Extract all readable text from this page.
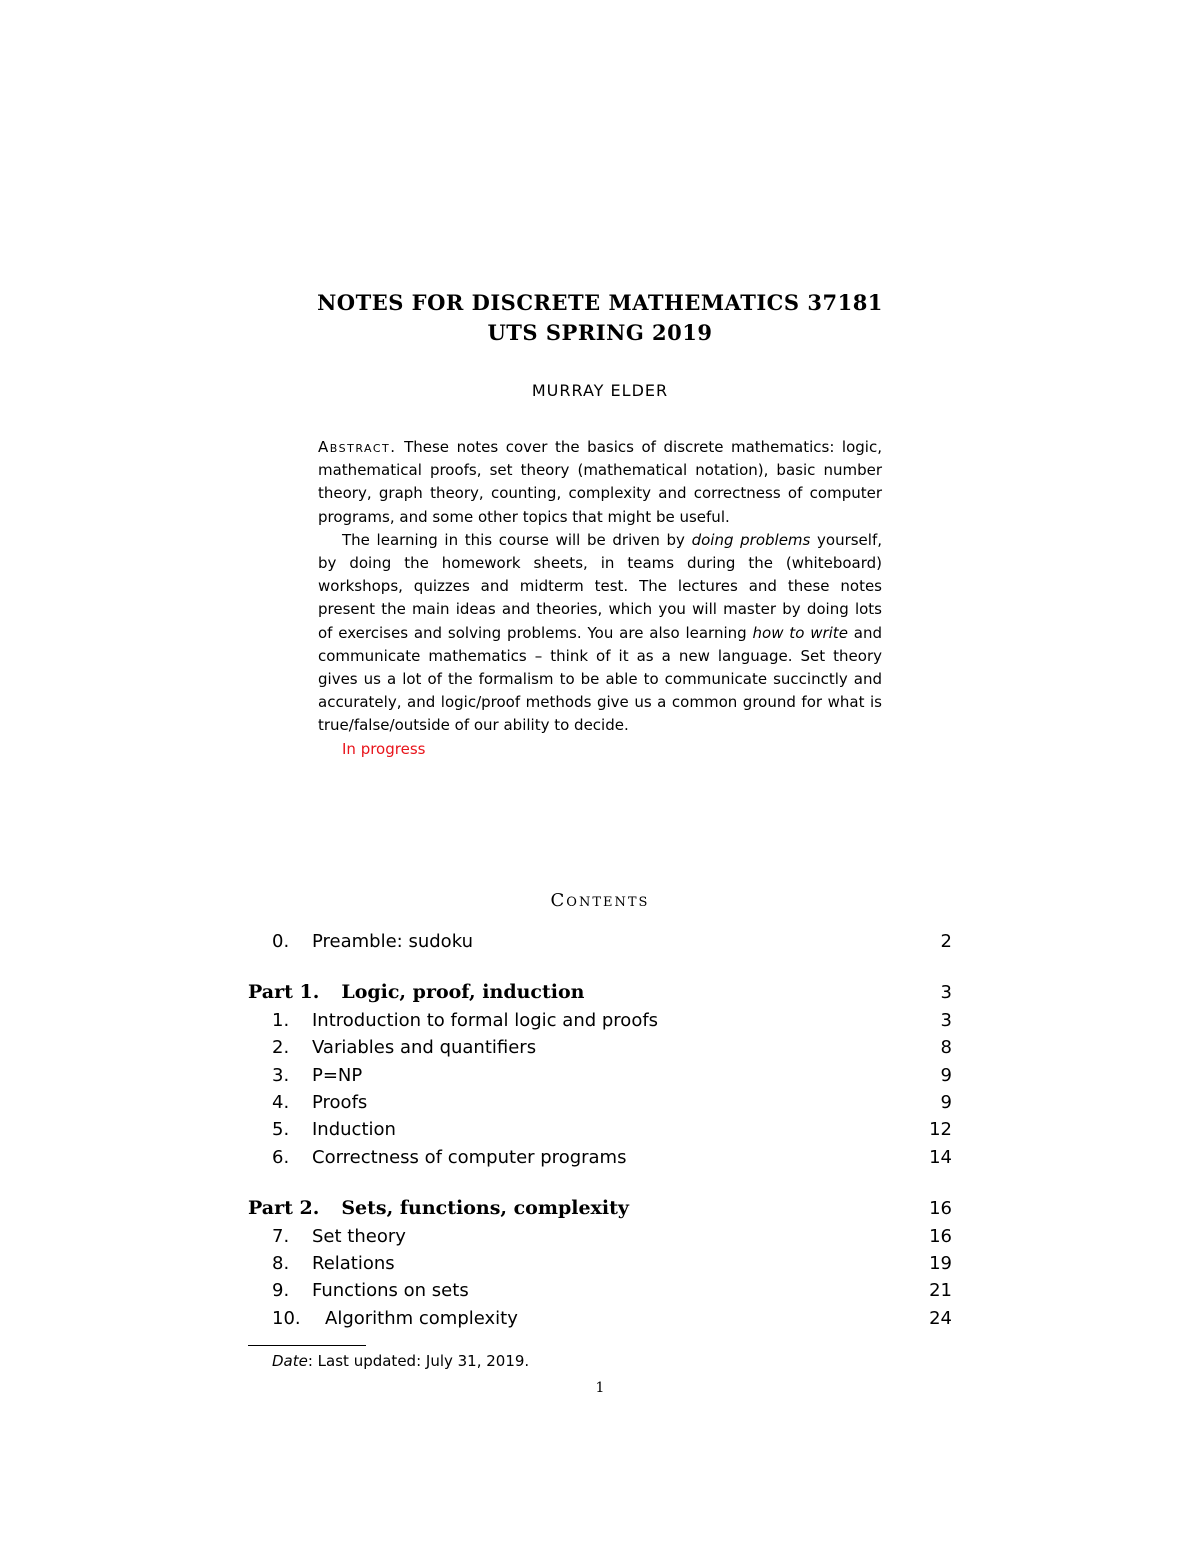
NOTES FOR DISCRETE MATHEMATICS 37181
UTS SPRING 2019
MURRAY ELDER

Abstract. These notes cover the basics of discrete mathematics: logic, mathematical proofs, set theory (mathematical notation), basic number theory, graph theory, counting, complexity and correctness of computer programs, and some other topics that might be useful.

The learning in this course will be driven by doing problems yourself, by doing the homework sheets, in teams during the (whiteboard) workshops, quizzes and midterm test. The lectures and these notes present the main ideas and theories, which you will master by doing lots of exercises and solving problems. You are also learning how to write and communicate mathematics – think of it as a new language. Set theory gives us a lot of the formalism to be able to communicate succinctly and accurately, and logic/proof methods give us a common ground for what is true/false/outside of our ability to decide.

In progress

Contents
0.	Preamble: sudoku	2
Part 1. Logic, proof, induction	3
1.	Introduction to formal logic and proofs	3
2.	Variables and quantifiers	8
3.	P=NP	9
4.	Proofs	9
5.	Induction	12
6.	Correctness of computer programs	14
Part 2. Sets, functions, complexity	16
7.	Set theory	16
8.	Relations	19
9.	Functions on sets	21
10.	Algorithm complexity	24
Date: Last updated: July 31, 2019.
1
